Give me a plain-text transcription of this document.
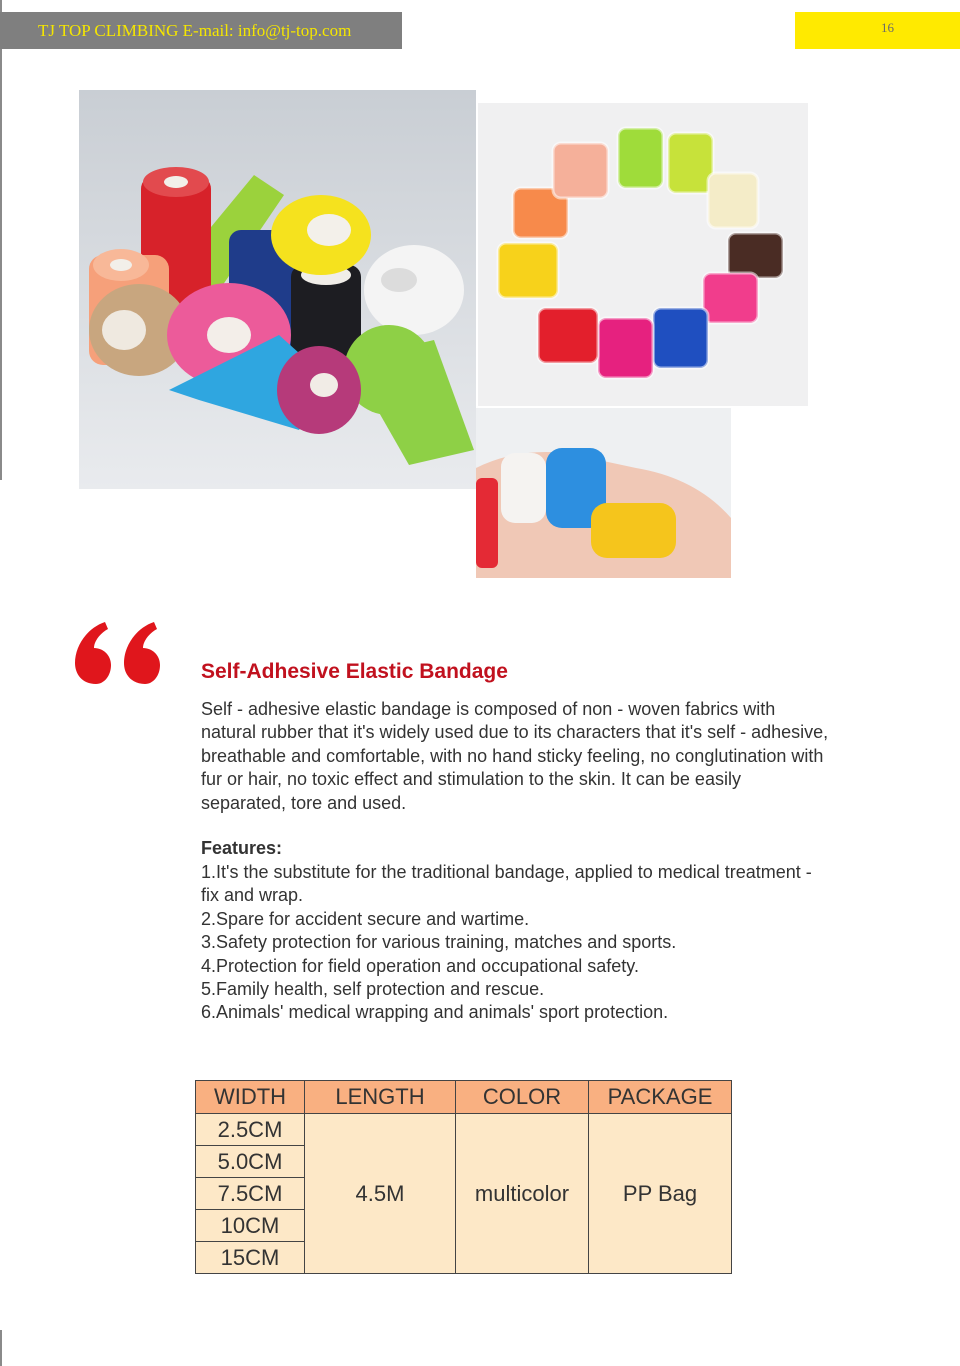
TJ TOP CLIMBING E-mail: info@tj-top.com	16
Self-Adhesive Elastic Bandage

Self - adhesive elastic bandage is composed of non - woven fabrics with natural rubber that it's widely used due to its characters that it's self - adhesive, breathable and comfortable, with no hand sticky feeling, no conglutination with fur or hair, no toxic effect and stimulation to the skin. It can be easily separated, tore and used.

Features:
1.It's the substitute for the traditional bandage, applied to medical treatment - fix and wrap.
2.Spare for accident secure and wartime.
3.Safety protection for various training, matches and sports.
4.Protection for field operation and occupational safety.
5.Family health, self protection and rescue.
6.Animals' medical wrapping and animals' sport protection.
WIDTH	LENGTH	COLOR	PACKAGE
2.5CM	4.5M	multicolor	PP Bag
5.0CM			
7.5CM			
10CM			
15CM			
